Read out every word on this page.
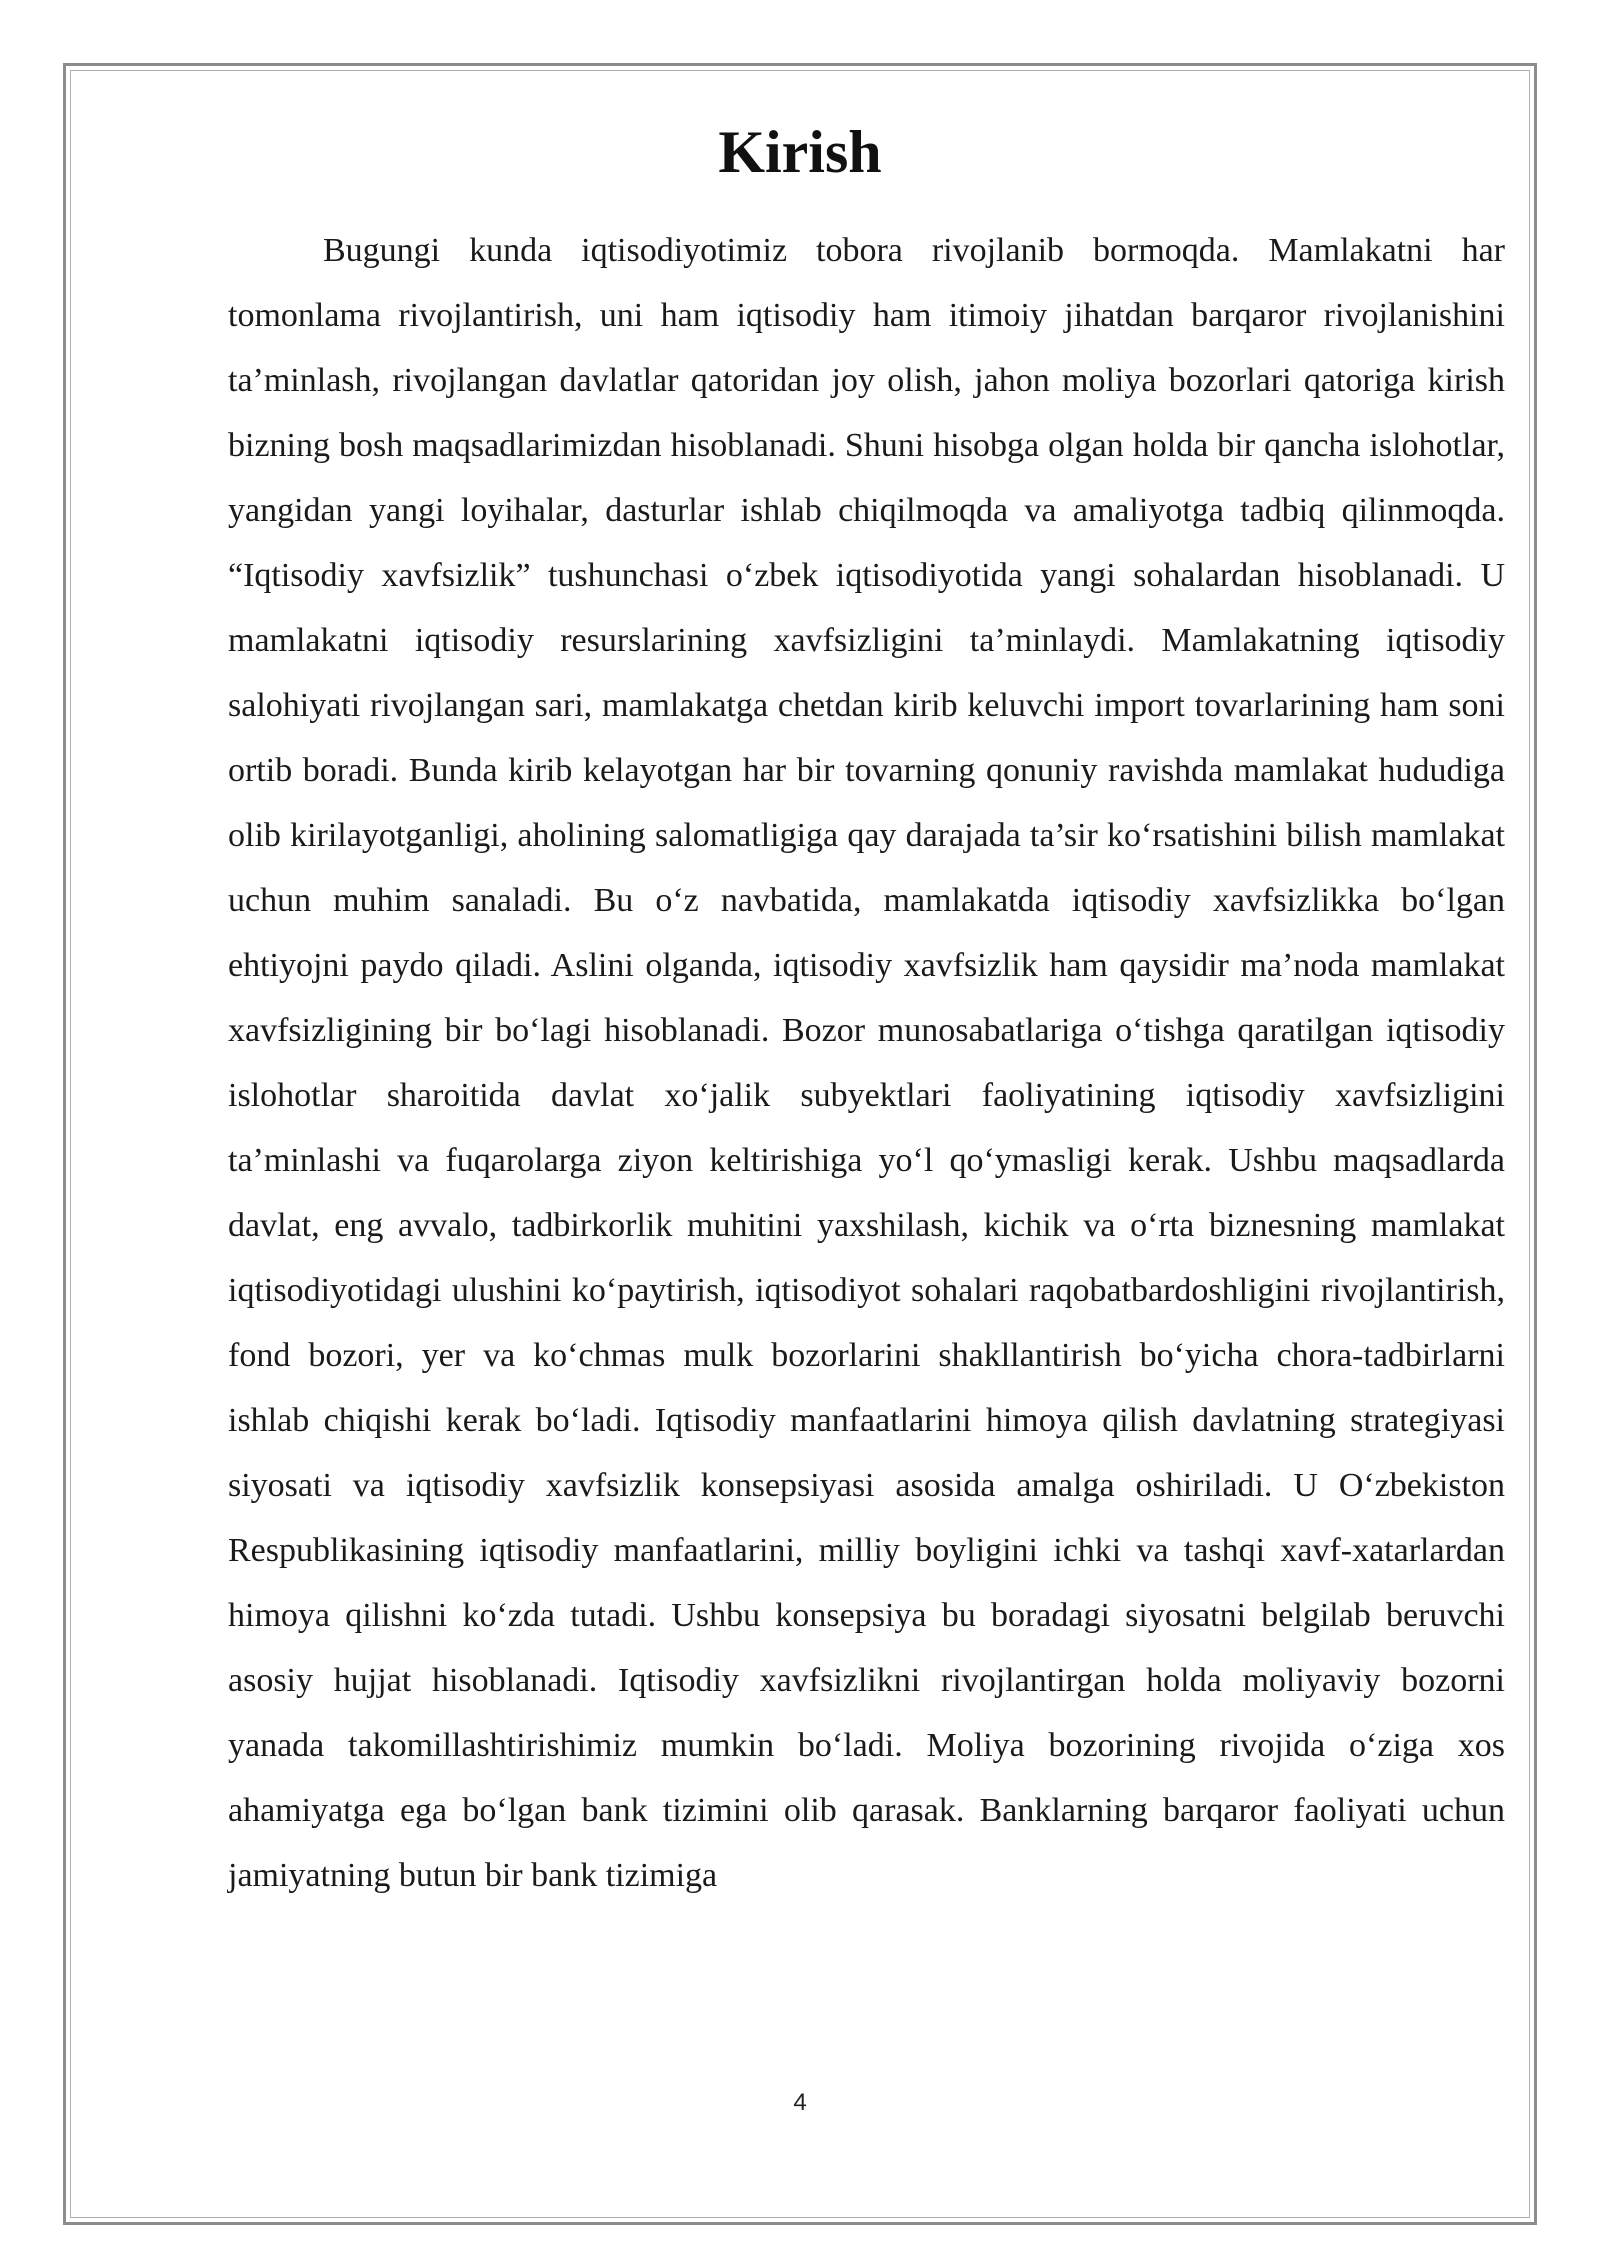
Kirish

Bugungi kunda iqtisodiyotimiz tobora rivojlanib bormoqda. Mamlakatni har tomonlama rivojlantirish, uni ham iqtisodiy ham itimoiy jihatdan barqaror rivojlanishini ta’minlash, rivojlangan davlatlar qatoridan joy olish, jahon moliya bozorlari qatoriga kirish bizning bosh maqsadlarimizdan hisoblanadi. Shuni hisobga olgan holda bir qancha islohotlar, yangidan yangi loyihalar, dasturlar ishlab chiqilmoqda va amaliyotga tadbiq qilinmoqda. “Iqtisodiy xavfsizlik” tushunchasi o‘zbek iqtisodiyotida yangi sohalardan hisoblanadi. U mamlakatni iqtisodiy resurslarining xavfsizligini ta’minlaydi. Mamlakatning iqtisodiy salohiyati rivojlangan sari, mamlakatga chetdan kirib keluvchi import tovarlarining ham soni ortib boradi. Bunda kirib kelayotgan har bir tovarning qonuniy ravishda mamlakat hududiga olib kirilayotganligi, aholining salomatligiga qay darajada ta’sir ko‘rsatishini bilish mamlakat uchun muhim sanaladi. Bu o‘z navbatida, mamlakatda iqtisodiy xavfsizlikka bo‘lgan ehtiyojni paydo qiladi. Aslini olganda, iqtisodiy xavfsizlik ham qaysidir ma’noda mamlakat xavfsizligining bir bo‘lagi hisoblanadi. Bozor munosabatlariga o‘tishga qaratilgan iqtisodiy islohotlar sharoitida davlat xo‘jalik subyektlari faoliyatining iqtisodiy xavfsizligini ta’minlashi va fuqarolarga ziyon keltirishiga yo‘l qo‘ymasligi kerak. Ushbu maqsadlarda davlat, eng avvalo, tadbirkorlik muhitini yaxshilash, kichik va o‘rta biznesning mamlakat iqtisodiyotidagi ulushini ko‘paytirish, iqtisodiyot sohalari raqobatbardoshligini rivojlantirish, fond bozori, yer va ko‘chmas mulk bozorlarini shakllantirish bo‘yicha chora-tadbirlarni ishlab chiqishi kerak bo‘ladi. Iqtisodiy manfaatlarini himoya qilish davlatning strategiyasi siyosati va iqtisodiy xavfsizlik konsepsiyasi asosida amalga oshiriladi. U O‘zbekiston Respublikasining iqtisodiy manfaatlarini, milliy boyligini ichki va tashqi xavf-xatarlardan himoya qilishni ko‘zda tutadi. Ushbu konsepsiya bu boradagi siyosatni belgilab beruvchi asosiy hujjat hisoblanadi. Iqtisodiy xavfsizlikni rivojlantirgan holda moliyaviy bozorni yanada takomillashtirishimiz mumkin bo‘ladi. Moliya bozorining rivojida o‘ziga xos ahamiyatga ega bo‘lgan bank tizimini olib qarasak. Banklarning barqaror faoliyati uchun jamiyatning butun bir bank tizimiga

4
